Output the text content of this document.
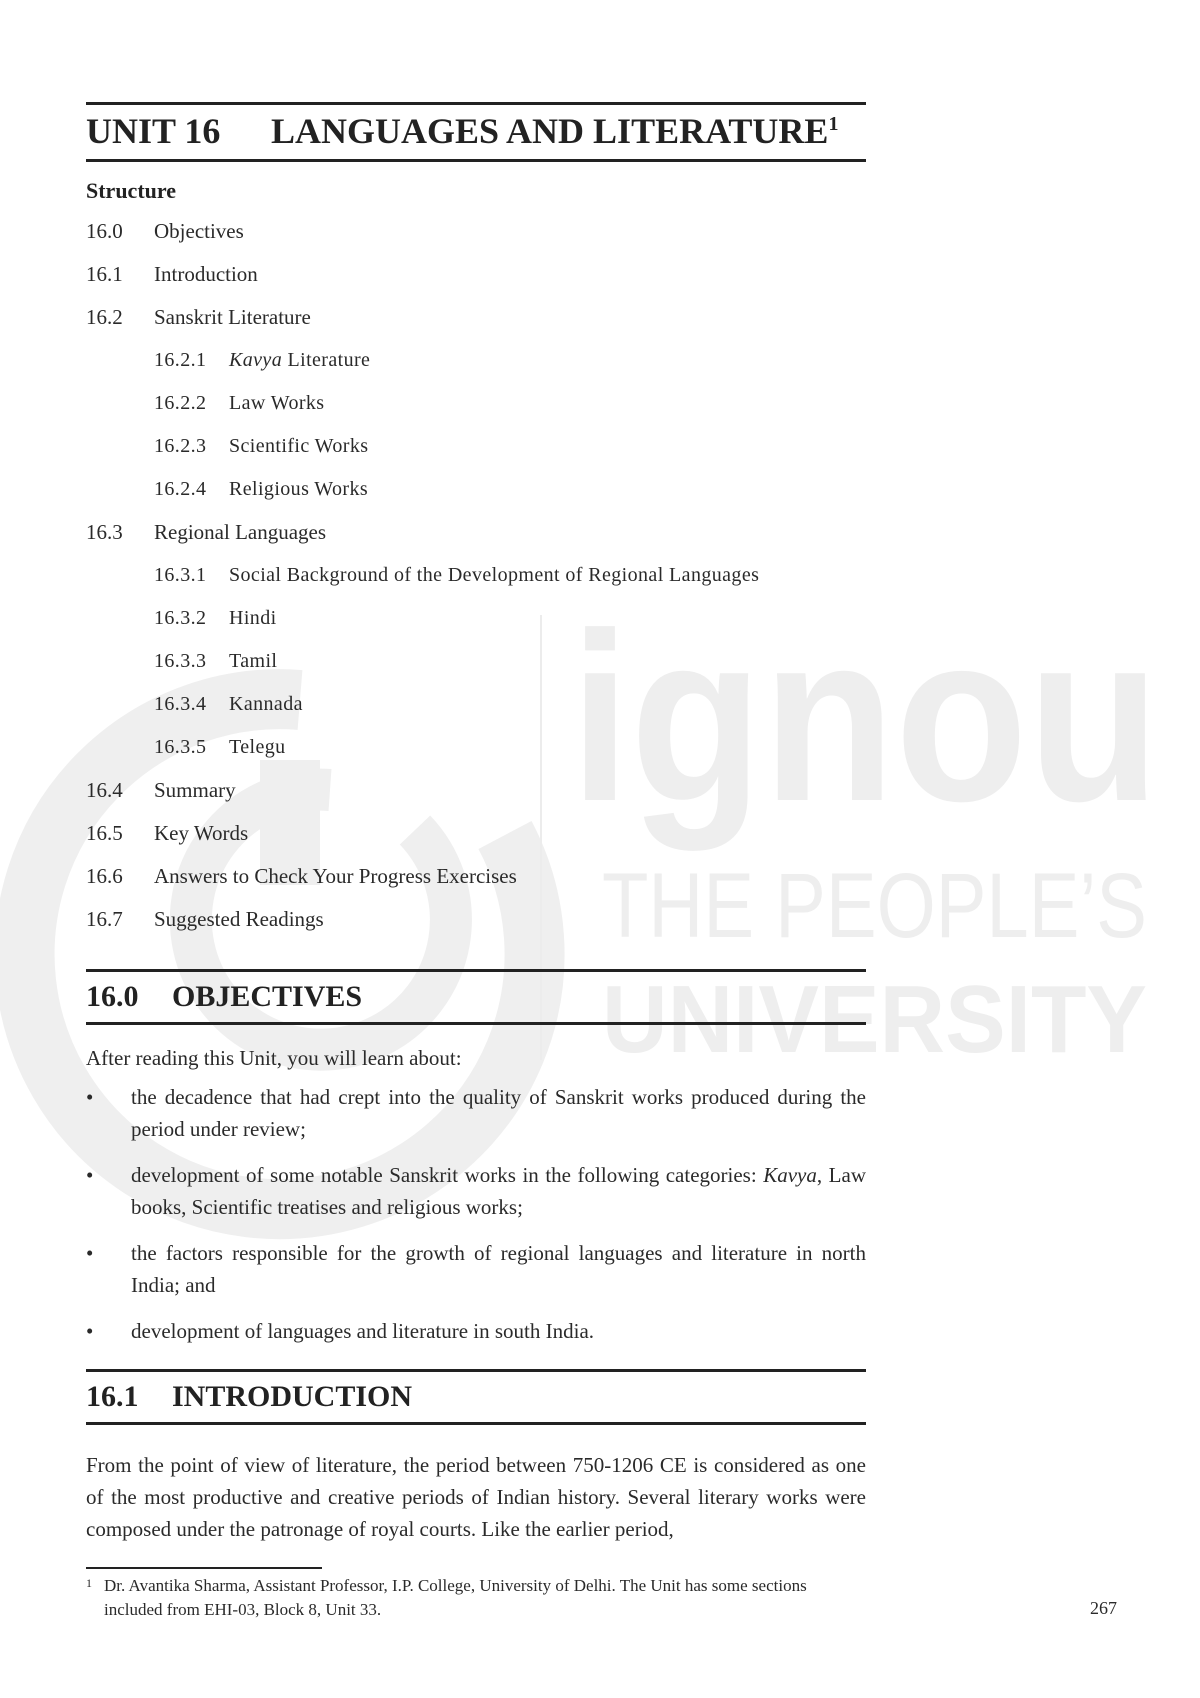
ignou
THE PEOPLE’S
UNIVERSITY
UNIT 16	LANGUAGES AND LITERATURE$^1$
Structure
16.0	Objectives
16.1	Introduction
16.2	Sanskrit Literature
16.2.1	Kavya Literature
16.2.2	Law Works
16.2.3	Scientific Works
16.2.4	Religious Works
16.3	Regional Languages
16.3.1	Social Background of the Development of Regional Languages
16.3.2	Hindi
16.3.3	Tamil
16.3.4	Kannada
16.3.5	Telegu
16.4	Summary
16.5	Key Words
16.6	Answers to Check Your Progress Exercises
16.7	Suggested Readings
16.0	OBJECTIVES

After reading this Unit, you will learn about:

• the decadence that had crept into the quality of Sanskrit works produced during the period under review;
• development of some notable Sanskrit works in the following categories: Kavya, Law books, Scientific treatises and religious works;
• the factors responsible for the growth of regional languages and literature in north India; and
• development of languages and literature in south India.
16.1	INTRODUCTION

From the point of view of literature, the period between 750-1206 CE is considered as one of the most productive and creative periods of Indian history. Several literary works were composed under the patronage of royal courts. Like the earlier period,

1 Dr. Avantika Sharma, Assistant Professor, I.P. College, University of Delhi. The Unit has some sections included from EHI-03, Block 8, Unit 33.	267
